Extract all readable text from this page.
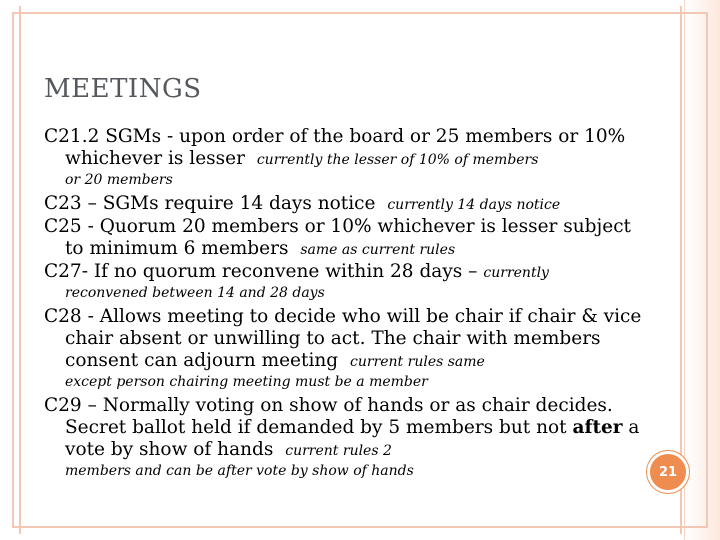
MEETINGS
C21.2 SGMs - upon order of the board or 25 members or 10% whichever is lesser currently the lesser of 10% of members
or 20 members
C23 – SGMs require 14 days notice currently 14 days notice
C25 - Quorum 20 members or 10% whichever is lesser subject to minimum 6 members same as current rules
C27- If no quorum reconvene within 28 days – currently
reconvened between 14 and 28 days
C28 - Allows meeting to decide who will be chair if chair & vice chair absent or unwilling to act. The chair with members consent can adjourn meeting current rules same
except person chairing meeting must be a member
C29 – Normally voting on show of hands or as chair decides. Secret ballot held if demanded by 5 members but not after a vote by show of hands current rules 2
members and can be after vote by show of hands	21
